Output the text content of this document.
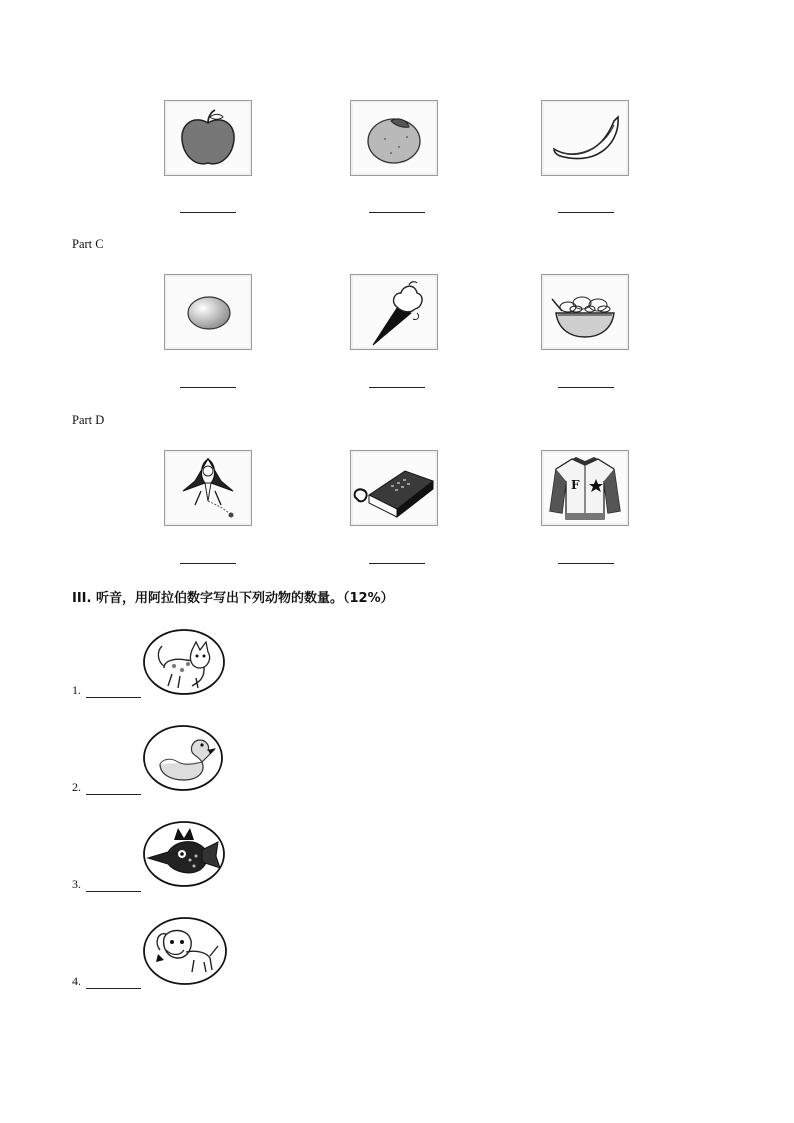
Part C
Part D
F
III. 听音，用阿拉伯数字写出下列动物的数量。（12%）
1.
2.
3.
4.
